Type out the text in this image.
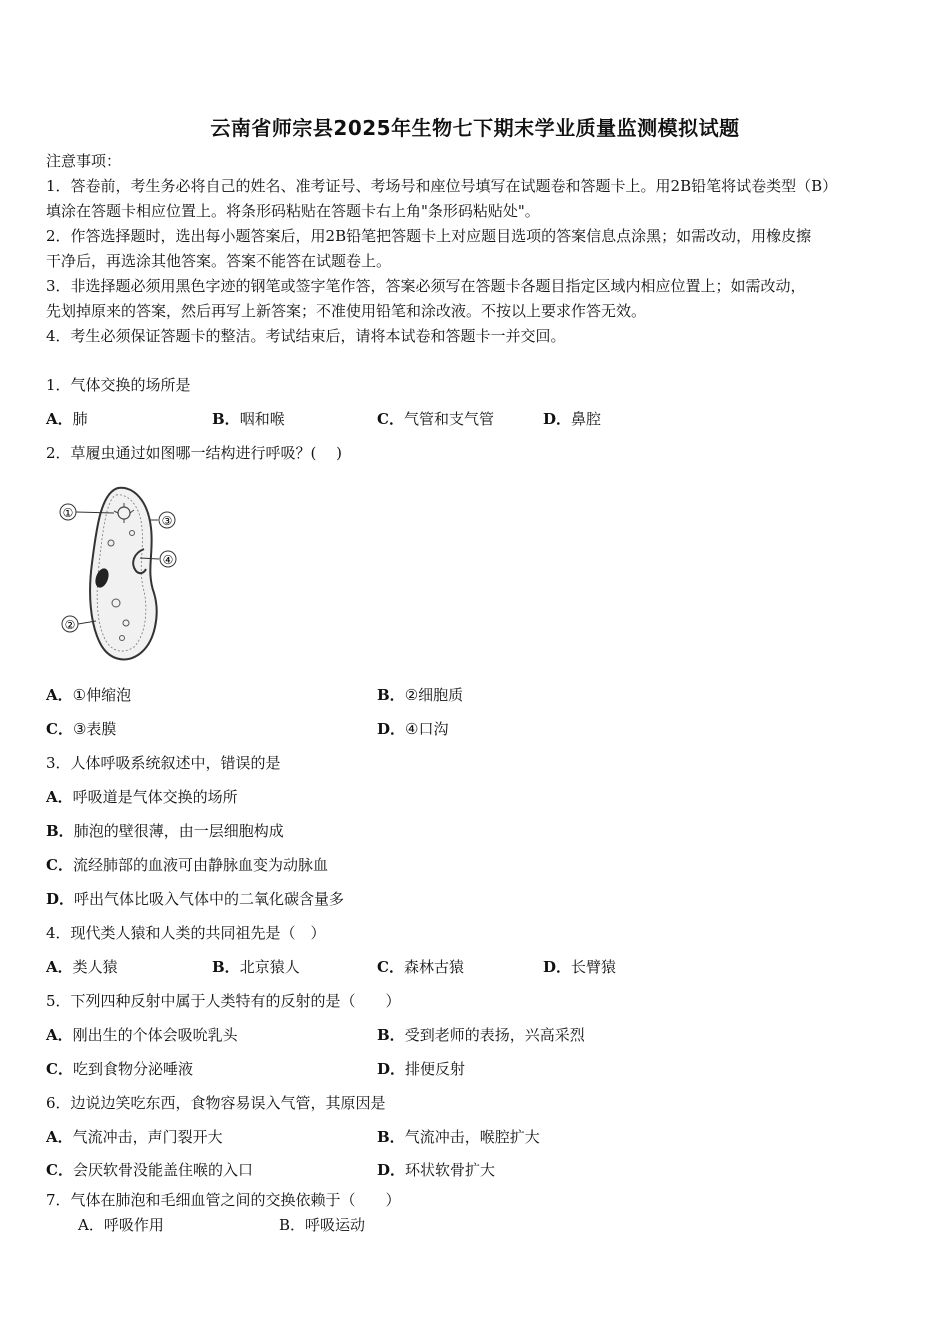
云南省师宗县2025年生物七下期末学业质量监测模拟试题
注意事项：
1．答卷前，考生务必将自己的姓名、准考证号、考场号和座位号填写在试题卷和答题卡上。用2B铅笔将试卷类型（B）
填涂在答题卡相应位置上。将条形码粘贴在答题卡右上角"条形码粘贴处"。
2．作答选择题时，选出每小题答案后，用2B铅笔把答题卡上对应题目选项的答案信息点涂黑；如需改动，用橡皮擦
干净后，再选涂其他答案。答案不能答在试题卷上。
3．非选择题必须用黑色字迹的钢笔或签字笔作答，答案必须写在答题卡各题目指定区域内相应位置上；如需改动，
先划掉原来的答案，然后再写上新答案；不准使用铅笔和涂改液。不按以上要求作答无效。
4．考生必须保证答题卡的整洁。考试结束后，请将本试卷和答题卡一并交回。
1．气体交换的场所是
A．肺	B．咽和喉	C．气管和支气管	D．鼻腔
2．草履虫通过如图哪一结构进行呼吸？(　 )
①
③
④
②
A．①伸缩泡	B．②细胞质
C．③表膜	D．④口沟
3．人体呼吸系统叙述中，错误的是
A．呼吸道是气体交换的场所
B．肺泡的壁很薄，由一层细胞构成
C．流经肺部的血液可由静脉血变为动脉血
D．呼出气体比吸入气体中的二氧化碳含量多
4．现代类人猿和人类的共同祖先是（　）
A．类人猿	B．北京猿人	C．森林古猿	D．长臂猿
5．下列四种反射中属于人类特有的反射的是（　　）
A．刚出生的个体会吸吮乳头	B．受到老师的表扬，兴高采烈
C．吃到食物分泌唾液	D．排便反射
6．边说边笑吃东西，食物容易误入气管，其原因是
A．气流冲击，声门裂开大	B．气流冲击，喉腔扩大
C．会厌软骨没能盖住喉的入口	D．环状软骨扩大
7．气体在肺泡和毛细血管之间的交换依赖于（　　）
A．呼吸作用	B．呼吸运动
